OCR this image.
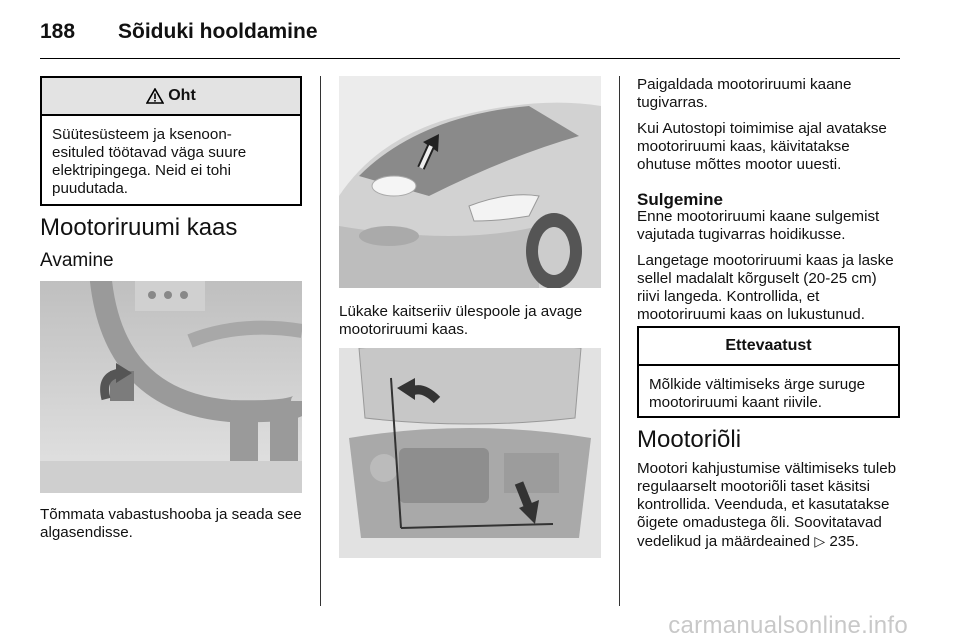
188 Sõiduki hooldamine
Oht
Süütesüsteem ja ksenoon-esituled töötavad väga suure elektripingega. Neid ei tohi puudutada.
Mootoriruumi kaas
Avamine
Tõmmata vabastushooba ja seada see algasendisse.
Lükake kaitseriiv ülespoole ja avage mootoriruumi kaas.

Paigaldada mootoriruumi kaane tugivarras.

Kui Autostopi toimimise ajal avatakse mootoriruumi kaas, käivitatakse ohutuse mõttes mootor uuesti.

Sulgemine

Enne mootoriruumi kaane sulgemist vajutada tugivarras hoidikusse.

Langetage mootoriruumi kaas ja laske sellel madalalt kõrguselt (20-25 cm) riivi langeda. Kontrollida, et mootoriruumi kaas on lukustunud.

Ettevaatust
Mõlkide vältimiseks ärge suruge mootoriruumi kaant riivile.
Mootoriõli
Mootori kahjustumise vältimiseks tuleb regulaarselt mootoriõli taset käsitsi kontrollida. Veenduda, et kasutatakse õigete omadustega õli. Soovitatavad vedelikud ja määrdeained ▷ 235.
carmanualsonline.info
